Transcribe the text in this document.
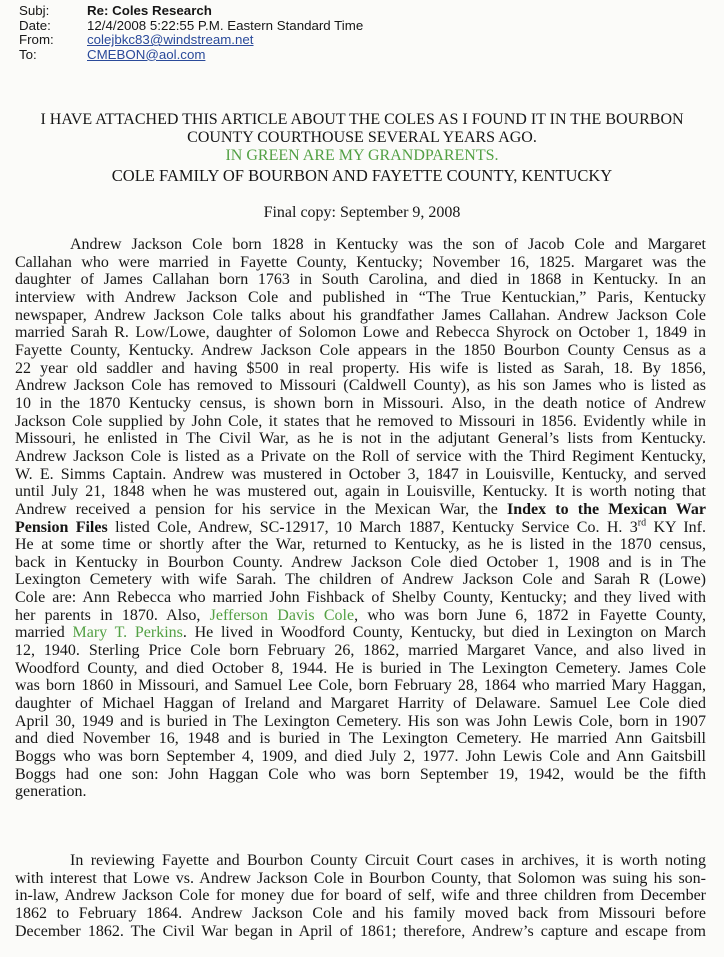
Subj:	Re: Coles Research
Date:	12/4/2008 5:22:55 P.M. Eastern Standard Time
From:	colejbkc83@windstream.net
To:	CMEBON@aol.com
I HAVE ATTACHED THIS ARTICLE ABOUT THE COLES AS I FOUND IT IN THE BOURBON
COUNTY COURTHOUSE SEVERAL YEARS AGO.
IN GREEN ARE MY GRANDPARENTS.
COLE FAMILY OF BOURBON AND FAYETTE COUNTY, KENTUCKY
Final copy: September 9, 2008
Andrew Jackson Cole born 1828 in Kentucky was the son of Jacob Cole and Margaret
Callahan who were married in Fayette County, Kentucky; November 16, 1825. Margaret was the
daughter of James Callahan born 1763 in South Carolina, and died in 1868 in Kentucky. In an
interview with Andrew Jackson Cole and published in “The True Kentuckian,” Paris, Kentucky
newspaper, Andrew Jackson Cole talks about his grandfather James Callahan. Andrew Jackson Cole
married Sarah R. Low/Lowe, daughter of Solomon Lowe and Rebecca Shyrock on October 1, 1849 in
Fayette County, Kentucky. Andrew Jackson Cole appears in the 1850 Bourbon County Census as a
22 year old saddler and having $500 in real property. His wife is listed as Sarah, 18. By 1856,
Andrew Jackson Cole has removed to Missouri (Caldwell County), as his son James who is listed as
10 in the 1870 Kentucky census, is shown born in Missouri. Also, in the death notice of Andrew
Jackson Cole supplied by John Cole, it states that he removed to Missouri in 1856. Evidently while in
Missouri, he enlisted in The Civil War, as he is not in the adjutant General’s lists from Kentucky.
Andrew Jackson Cole is listed as a Private on the Roll of service with the Third Regiment Kentucky,
W. E. Simms Captain. Andrew was mustered in October 3, 1847 in Louisville, Kentucky, and served
until July 21, 1848 when he was mustered out, again in Louisville, Kentucky. It is worth noting that
Andrew received a pension for his service in the Mexican War, the Index to the Mexican War
Pension Files listed Cole, Andrew, SC-12917, 10 March 1887, Kentucky Service Co. H. 3rd KY Inf.
He at some time or shortly after the War, returned to Kentucky, as he is listed in the 1870 census,
back in Kentucky in Bourbon County. Andrew Jackson Cole died October 1, 1908 and is in The
Lexington Cemetery with wife Sarah. The children of Andrew Jackson Cole and Sarah R (Lowe)
Cole are: Ann Rebecca who married John Fishback of Shelby County, Kentucky; and they lived with
her parents in 1870. Also, Jefferson Davis Cole, who was born June 6, 1872 in Fayette County,
married Mary T. Perkins. He lived in Woodford County, Kentucky, but died in Lexington on March
12, 1940. Sterling Price Cole born February 26, 1862, married Margaret Vance, and also lived in
Woodford County, and died October 8, 1944. He is buried in The Lexington Cemetery. James Cole
was born 1860 in Missouri, and Samuel Lee Cole, born February 28, 1864 who married Mary Haggan,
daughter of Michael Haggan of Ireland and Margaret Harrity of Delaware. Samuel Lee Cole died
April 30, 1949 and is buried in The Lexington Cemetery. His son was John Lewis Cole, born in 1907
and died November 16, 1948 and is buried in The Lexington Cemetery. He married Ann Gaitsbill
Boggs who was born September 4, 1909, and died July 2, 1977. John Lewis Cole and Ann Gaitsbill
Boggs had one son: John Haggan Cole who was born September 19, 1942, would be the fifth
generation.
In reviewing Fayette and Bourbon County Circuit Court cases in archives, it is worth noting
with interest that Lowe vs. Andrew Jackson Cole in Bourbon County, that Solomon was suing his son-
in-law, Andrew Jackson Cole for money due for board of self, wife and three children from December
1862 to February 1864. Andrew Jackson Cole and his family moved back from Missouri before
December 1862. The Civil War began in April of 1861; therefore, Andrew’s capture and escape from
